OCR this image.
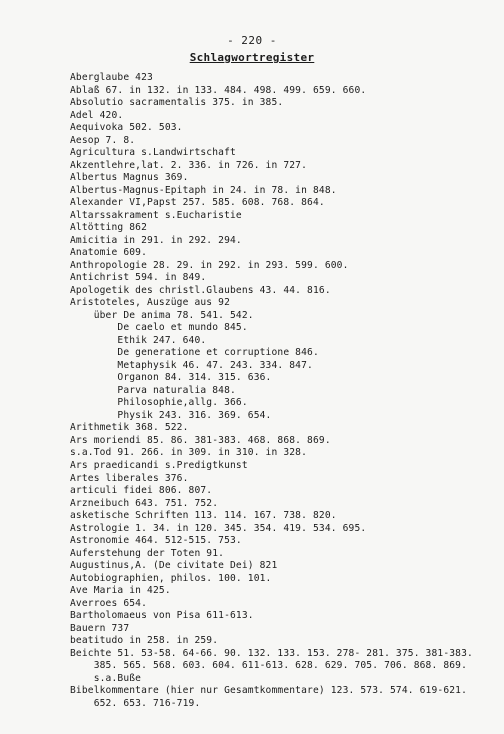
- 220 -
Schlagwortregister
Aberglaube 423
Ablaß 67. in 132. in 133. 484. 498. 499. 659. 660.
Absolutio sacramentalis 375. in 385.
Adel 420.
Aequivoka 502. 503.
Aesop 7. 8.
Agricultura s.Landwirtschaft
Akzentlehre,lat. 2. 336. in 726. in 727.
Albertus Magnus 369.
Albertus-Magnus-Epitaph in 24. in 78. in 848.
Alexander VI,Papst 257. 585. 608. 768. 864.
Altarssakrament s.Eucharistie
Altötting 862
Amicitia in 291. in 292. 294.
Anatomie 609.
Anthropologie 28. 29. in 292. in 293. 599. 600.
Antichrist 594. in 849.
Apologetik des christl.Glaubens 43. 44. 816.
Aristoteles, Auszüge aus 92
über De anima 78. 541. 542.
De caelo et mundo 845.
Ethik 247. 640.
De generatione et corruptione 846.
Metaphysik 46. 47. 243. 334. 847.
Organon 84. 314. 315. 636.
Parva naturalia 848.
Philosophie,allg. 366.
Physik 243. 316. 369. 654.
Arithmetik 368. 522.
Ars moriendi 85. 86. 381-383. 468. 868. 869.
s.a.Tod 91. 266. in 309. in 310. in 328.
Ars praedicandi s.Predigtkunst
Artes liberales 376.
articuli fidei 806. 807.
Arzneibuch 643. 751. 752.
asketische Schriften 113. 114. 167. 738. 820.
Astrologie 1. 34. in 120. 345. 354. 419. 534. 695.
Astronomie 464. 512-515. 753.
Auferstehung der Toten 91.
Augustinus,A. (De civitate Dei) 821
Autobiographien, philos. 100. 101.
Ave Maria in 425.
Averroes 654.
Bartholomaeus von Pisa 611-613.
Bauern 737
beatitudo in 258. in 259.
Beichte 51. 53-58. 64-66. 90. 132. 133. 153. 278- 281. 375. 381-383.
385. 565. 568. 603. 604. 611-613. 628. 629. 705. 706. 868. 869.
s.a.Buße
Bibelkommentare (hier nur Gesamtkommentare) 123. 573. 574. 619-621.
652. 653. 716-719.
